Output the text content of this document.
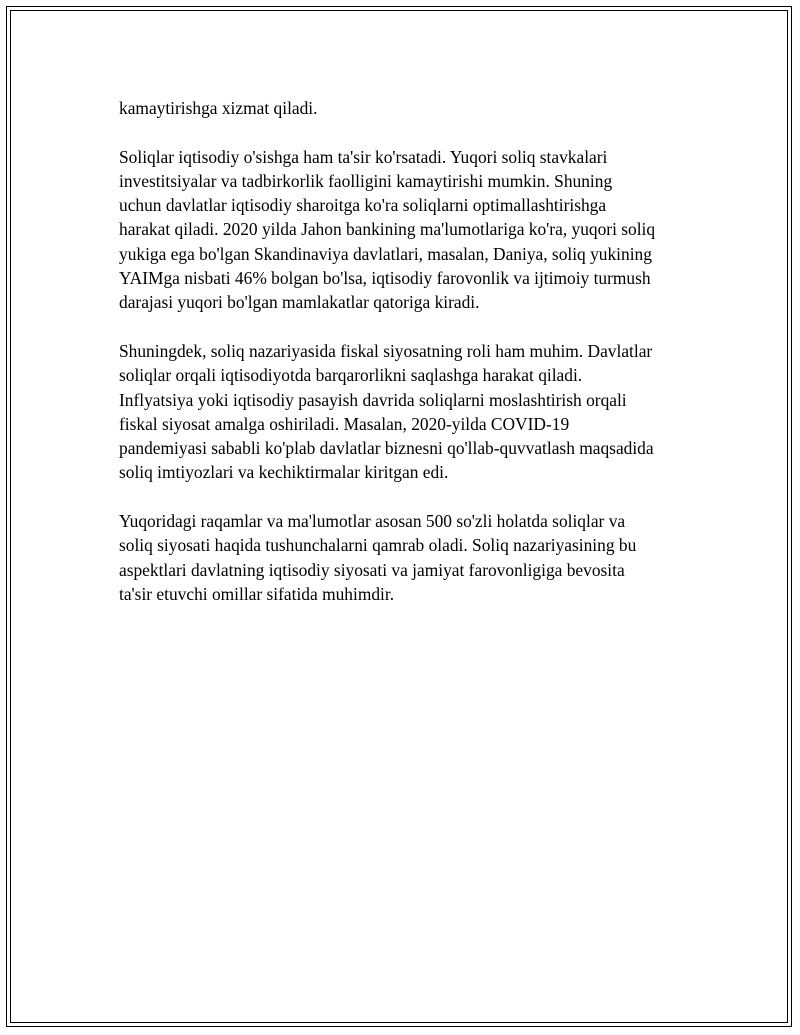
kamaytirishga xizmat qiladi.

Soliqlar iqtisodiy o'sishga ham ta'sir ko'rsatadi. Yuqori soliq stavkalari
investitsiyalar va tadbirkorlik faolligini kamaytirishi mumkin. Shuning
uchun davlatlar iqtisodiy sharoitga ko'ra soliqlarni optimallashtirishga
harakat qiladi. 2020 yilda Jahon bankining ma'lumotlariga ko'ra, yuqori soliq
yukiga ega bo'lgan Skandinaviya davlatlari, masalan, Daniya, soliq yukining
YAIMga nisbati 46% bolgan bo'lsa, iqtisodiy farovonlik va ijtimoiy turmush
darajasi yuqori bo'lgan mamlakatlar qatoriga kiradi.

Shuningdek, soliq nazariyasida fiskal siyosatning roli ham muhim. Davlatlar
soliqlar orqali iqtisodiyotda barqarorlikni saqlashga harakat qiladi.
Inflyatsiya yoki iqtisodiy pasayish davrida soliqlarni moslashtirish orqali
fiskal siyosat amalga oshiriladi. Masalan, 2020-yilda COVID-19
pandemiyasi sababli ko'plab davlatlar biznesni qo'llab-quvvatlash maqsadida
soliq imtiyozlari va kechiktirmalar kiritgan edi.

Yuqoridagi raqamlar va ma'lumotlar asosan 500 so'zli holatda soliqlar va
soliq siyosati haqida tushunchalarni qamrab oladi. Soliq nazariyasining bu
aspektlari davlatning iqtisodiy siyosati va jamiyat farovonligiga bevosita
ta'sir etuvchi omillar sifatida muhimdir.
